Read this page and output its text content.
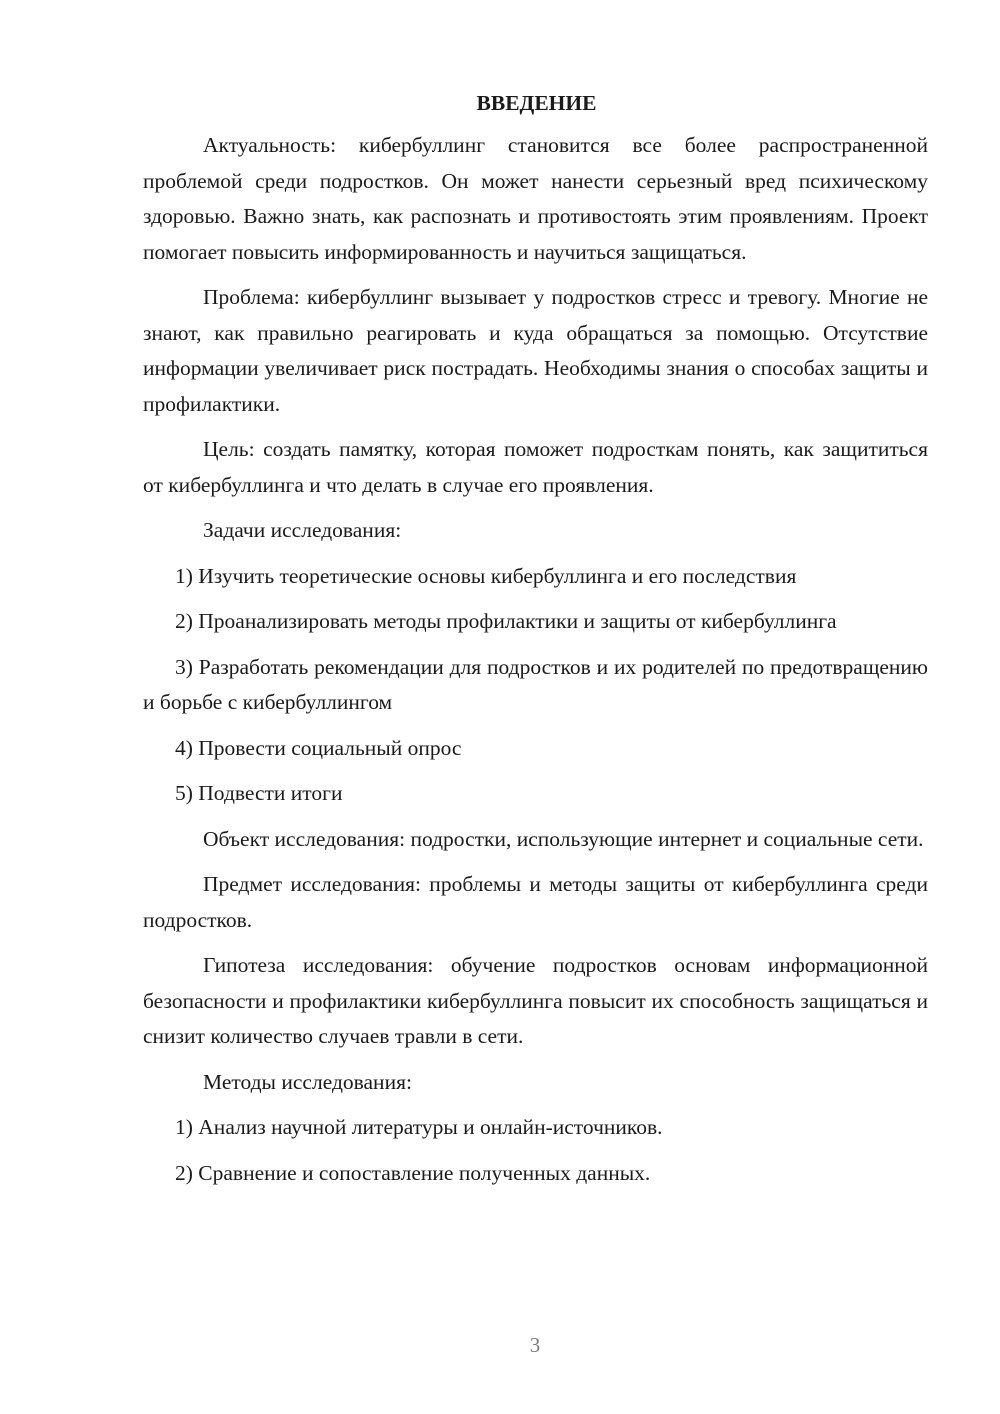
ВВЕДЕНИЕ

Актуальность: кибербуллинг становится все более распространенной проблемой среди подростков. Он может нанести серьезный вред психическому здоровью. Важно знать, как распознать и противостоять этим проявлениям. Проект помогает повысить информированность и научиться защищаться.

Проблема: кибербуллинг вызывает у подростков стресс и тревогу. Многие не знают, как правильно реагировать и куда обращаться за помощью. Отсутствие информации увеличивает риск пострадать. Необходимы знания о способах защиты и профилактики.

Цель: создать памятку, которая поможет подросткам понять, как защититься от кибербуллинга и что делать в случае его проявления.

Задачи исследования:

1) Изучить теоретические основы кибербуллинга и его последствия

2) Проанализировать методы профилактики и защиты от кибербуллинга

3) Разработать рекомендации для подростков и их родителей по предотвращению и борьбе с кибербуллингом

4) Провести социальный опрос

5) Подвести итоги

Объект исследования: подростки, использующие интернет и социальные сети.

Предмет исследования: проблемы и методы защиты от кибербуллинга среди подростков.

Гипотеза исследования: обучение подростков основам информационной безопасности и профилактики кибербуллинга повысит их способность защищаться и снизит количество случаев травли в сети.

Методы исследования:

1) Анализ научной литературы и онлайн-источников.

2) Сравнение и сопоставление полученных данных.

3
